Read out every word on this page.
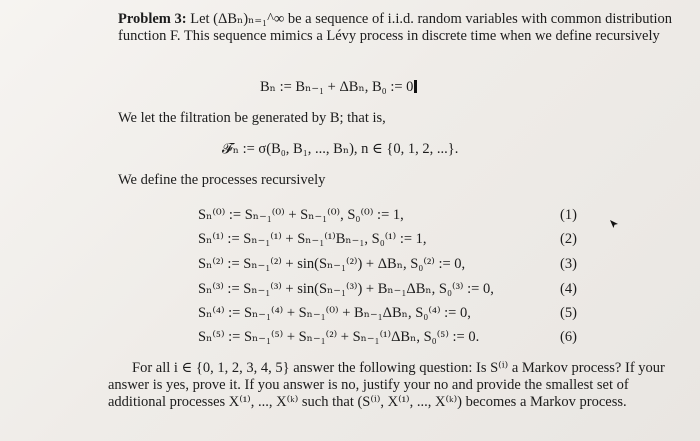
Problem 3: Let (ΔBₙ)ₙ₌₁^∞ be a sequence of i.i.d. random variables with common distribution function F. This sequence mimics a Lévy process in discrete time when we define recursively
Bₙ := Bₙ₋₁ + ΔBₙ, B₀ := 0
We let the filtration be generated by B; that is,
𝓕ₙ := σ(B₀, B₁, ..., Bₙ), n ∈ {0, 1, 2, ...}.
We define the processes recursively
Sₙ⁽⁰⁾ := Sₙ₋₁⁽⁰⁾ + Sₙ₋₁⁽⁰⁾, S₀⁽⁰⁾ := 1,	(1)
Sₙ⁽¹⁾ := Sₙ₋₁⁽¹⁾ + Sₙ₋₁⁽¹⁾Bₙ₋₁, S₀⁽¹⁾ := 1,	(2)
Sₙ⁽²⁾ := Sₙ₋₁⁽²⁾ + sin(Sₙ₋₁⁽²⁾) + ΔBₙ, S₀⁽²⁾ := 0,	(3)
Sₙ⁽³⁾ := Sₙ₋₁⁽³⁾ + sin(Sₙ₋₁⁽³⁾) + Bₙ₋₁ΔBₙ, S₀⁽³⁾ := 0,	(4)
Sₙ⁽⁴⁾ := Sₙ₋₁⁽⁴⁾ + Sₙ₋₁⁽⁰⁾ + Bₙ₋₁ΔBₙ, S₀⁽⁴⁾ := 0,	(5)
Sₙ⁽⁵⁾ := Sₙ₋₁⁽⁵⁾ + Sₙ₋₁⁽²⁾ + Sₙ₋₁⁽¹⁾ΔBₙ, S₀⁽⁵⁾ := 0.	(6)
For all i ∈ {0, 1, 2, 3, 4, 5} answer the following question: Is S⁽ⁱ⁾ a Markov process? If your answer is yes, prove it. If you answer is no, justify your no and provide the smallest set of additional processes X⁽¹⁾, ..., X⁽ᵏ⁾ such that (S⁽ⁱ⁾, X⁽¹⁾, ..., X⁽ᵏ⁾) becomes a Markov process.
